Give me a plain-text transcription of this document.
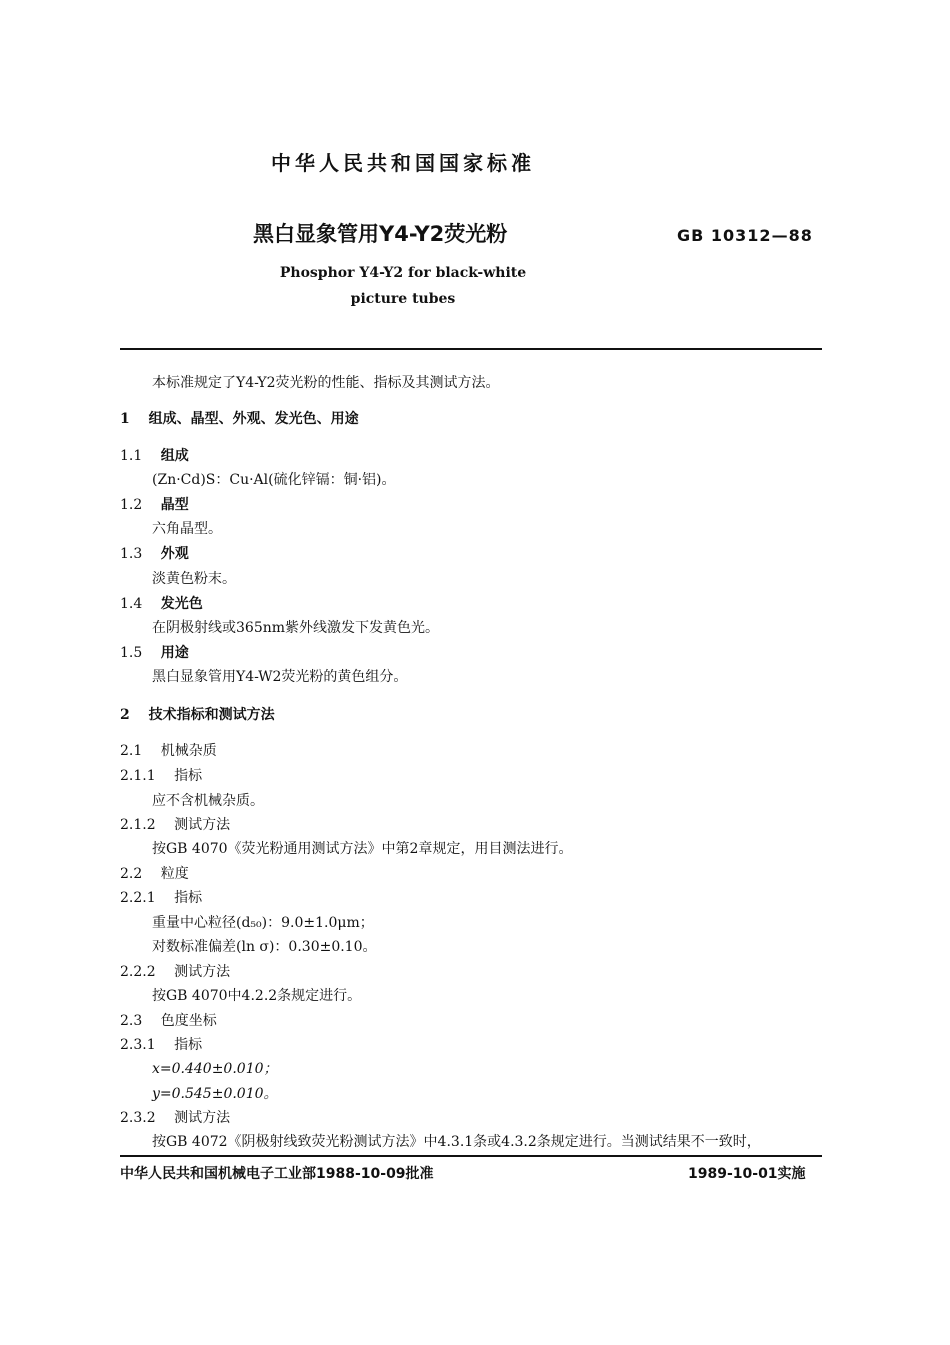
中华人民共和国国家标准
黑白显象管用Y4-Y2荧光粉	GB 10312—88
Phosphor Y4-Y2 for black-white
picture tubes
本标准规定了Y4-Y2荧光粉的性能、指标及其测试方法。
1 组成、晶型、外观、发光色、用途
1.1 组成
(Zn·Cd)S：Cu·Al(硫化锌镉：铜·铝)。
1.2 晶型
六角晶型。
1.3 外观
淡黄色粉末。
1.4 发光色
在阴极射线或365nm紫外线激发下发黄色光。
1.5 用途
黑白显象管用Y4-W2荧光粉的黄色组分。
2 技术指标和测试方法
2.1 机械杂质
2.1.1 指标
应不含机械杂质。
2.1.2 测试方法
按GB 4070《荧光粉通用测试方法》中第2章规定，用目测法进行。
2.2 粒度
2.2.1 指标
重量中心粒径(d₅₀)：9.0±1.0μm；
对数标准偏差(ln σ)：0.30±0.10。
2.2.2 测试方法
按GB 4070中4.2.2条规定进行。
2.3 色度坐标
2.3.1 指标
x=0.440±0.010；
y=0.545±0.010。
2.3.2 测试方法
按GB 4072《阴极射线致荧光粉测试方法》中4.3.1条或4.3.2条规定进行。当测试结果不一致时，
中华人民共和国机械电子工业部1988-10-09批准	1989-10-01实施
